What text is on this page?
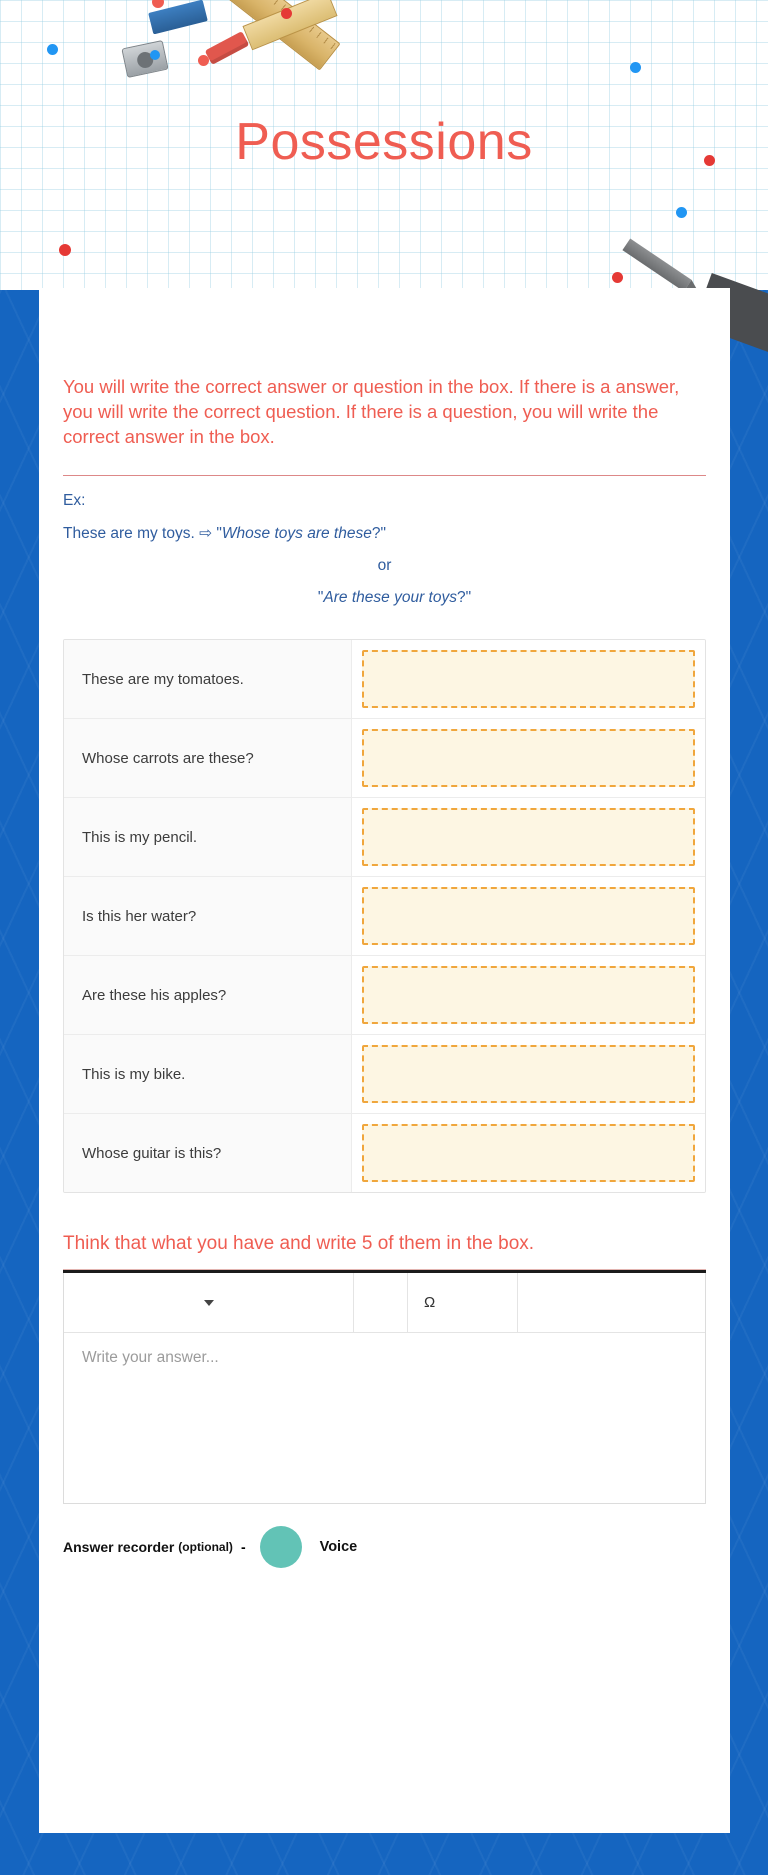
Possessions

You will write the correct answer or question in the box. If there is a answer, you will write the correct question. If there is a question, you will write the correct answer in the box.

Ex:

These are my toys. ⇨ "Whose toys are these?"

or

"Are these your toys?"

These are my tomatoes.
Whose carrots are these?
This is my pencil.
Is this her water?
Are these his apples?
This is my bike.
Whose guitar is this?
Think that what you have and write 5 of them in the box.
Ω
Write your answer...
Answer recorder (optional) -	Voice
